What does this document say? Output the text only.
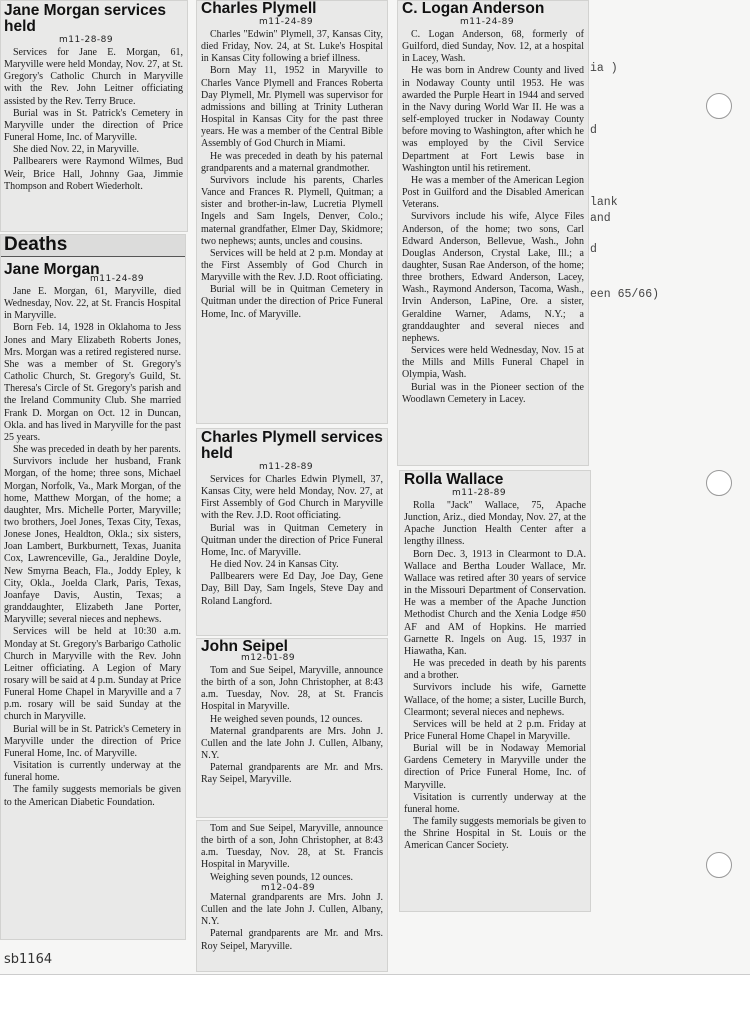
ia )
d
lank
and
d
een 65/66)
Jane Morgan services held
m11-28-89

Services for Jane E. Morgan, 61, Maryville were held Monday, Nov. 27, at St. Gregory's Catholic Church in Maryville with the Rev. John Leitner officiating assisted by the Rev. Terry Bruce.

Burial was in St. Patrick's Cemetery in Maryville under the direction of Price Funeral Home, Inc. of Maryville.

She died Nov. 22, in Maryville.

Pallbearers were Raymond Wilmes, Bud Weir, Brice Hall, Johnny Gaa, Jimmie Thompson and Robert Wiederholt.

Deaths
Jane Morgan
m11-24-89

Jane E. Morgan, 61, Maryville, died Wednesday, Nov. 22, at St. Francis Hospital in Maryville.

Born Feb. 14, 1928 in Oklahoma to Jess Jones and Mary Elizabeth Roberts Jones, Mrs. Morgan was a retired registered nurse. She was a member of St. Gregory's Catholic Church, St. Gregory's Guild, St. Theresa's Circle of St. Gregory's parish and the Ireland Community Club. She married Frank D. Morgan on Oct. 12 in Duncan, Okla. and has lived in Maryville for the past 25 years.

She was preceded in death by her parents.

Survivors include her husband, Frank Morgan, of the home; three sons, Michael Morgan, Norfolk, Va., Mark Morgan, of the home, Matthew Morgan, of the home; a daughter, Mrs. Michelle Porter, Maryville; two brothers, Joel Jones, Texas City, Texas, Jonese Jones, Healdton, Okla.; six sisters, Joan Lambert, Burkburnett, Texas, Juanita Cox, Lawrenceville, Ga., Jeraldine Doyle, New Smyrna Beach, Fla., Joddy Epley, k City, Okla., Joelda Clark, Paris, Texas, Joanfaye Davis, Austin, Texas; a granddaughter, Elizabeth Jane Porter, Maryville; several nieces and nephews.

Services will be held at 10:30 a.m. Monday at St. Gregory's Barbarigo Catholic Church in Maryville with the Rev. John Leitner officiating. A Legion of Mary rosary will be said at 4 p.m. Sunday at Price Funeral Home Chapel in Maryville and a 7 p.m. rosary will be said Sunday at the church in Maryville.

Burial will be in St. Patrick's Cemetery in Maryville under the direction of Price Funeral Home, Inc. of Maryville.

Visitation is currently underway at the funeral home.

The family suggests memorials be given to the American Diabetic Foundation.

Charles Plymell
m11-24-89

Charles "Edwin" Plymell, 37, Kansas City, died Friday, Nov. 24, at St. Luke's Hospital in Kansas City following a brief illness.

Born May 11, 1952 in Maryville to Charles Vance Plymell and Frances Roberta Day Plymell, Mr. Plymell was supervisor for admissions and billing at Trinity Lutheran Hospital in Kansas City for the past three years. He was a member of the Central Bible Assembly of God Church in Miami.

He was preceded in death by his paternal grandparents and a maternal grandmother.

Survivors include his parents, Charles Vance and Frances R. Plymell, Quitman; a sister and brother-in-law, Lucretia Plymell Ingels and Sam Ingels, Denver, Colo.; maternal grandfather, Elmer Day, Skidmore; two nephews; aunts, uncles and cousins.

Services will be held at 2 p.m. Monday at the First Assembly of God Church in Maryville with the Rev. J.D. Root officiating.

Burial will be in Quitman Cemetery in Quitman under the direction of Price Funeral Home, Inc. of Maryville.

Charles Plymell services held
m11-28-89

Services for Charles Edwin Plymell, 37, Kansas City, were held Monday, Nov. 27, at First Assembly of God Church in Maryville with the Rev. J.D. Root officiating.

Burial was in Quitman Cemetery in Quitman under the direction of Price Funeral Home, Inc. of Maryville.

He died Nov. 24 in Kansas City.

Pallbearers were Ed Day, Joe Day, Gene Day, Bill Day, Sam Ingels, Steve Day and Roland Langford.

John Seipel
m12-01-89

Tom and Sue Seipel, Maryville, announce the birth of a son, John Christopher, at 8:43 a.m. Tuesday, Nov. 28, at St. Francis Hospital in Maryville.

He weighed seven pounds, 12 ounces.

Maternal grandparents are Mrs. John J. Cullen and the late John J. Cullen, Albany, N.Y.

Paternal grandparents are Mr. and Mrs. Ray Seipel, Maryville.

Tom and Sue Seipel, Maryville, announce the birth of a son, John Christopher, at 8:43 a.m. Tuesday, Nov. 28, at St. Francis Hospital in Maryville.

Weighing seven pounds, 12 ounces.

m12-04-89

Maternal grandparents are Mrs. John J. Cullen and the late John J. Cullen, Albany, N.Y.

Paternal grandparents are Mr. and Mrs. Roy Seipel, Maryville.

C. Logan Anderson
m11-24-89

C. Logan Anderson, 68, formerly of Guilford, died Sunday, Nov. 12, at a hospital in Lacey, Wash.

He was born in Andrew County and lived in Nodaway County until 1953. He was awarded the Purple Heart in 1944 and served in the Navy during World War II. He was a self-employed trucker in Nodaway County before moving to Washington, after which he was employed by the Civil Service Department at Fort Lewis base in Washington until his retirement.

He was a member of the American Legion Post in Guilford and the Disabled American Veterans.

Survivors include his wife, Alyce Files Anderson, of the home; two sons, Carl Edward Anderson, Bellevue, Wash., John Douglas Anderson, Crystal Lake, Ill.; a daughter, Susan Rae Anderson, of the home; three brothers, Edward Anderson, Lacey, Wash., Raymond Anderson, Tacoma, Wash., Irvin Anderson, LaPine, Ore. a sister, Geraldine Warner, Adams, N.Y.; a granddaughter and several nieces and nephews.

Services were held Wednesday, Nov. 15 at the Mills and Mills Funeral Chapel in Olympia, Wash.

Burial was in the Pioneer section of the Woodlawn Cemetery in Lacey.

Rolla Wallace
m11-28-89

Rolla "Jack" Wallace, 75, Apache Junction, Ariz., died Monday, Nov. 27, at the Apache Junction Health Center after a lengthy illness.

Born Dec. 3, 1913 in Clearmont to D.A. Wallace and Bertha Louder Wallace, Mr. Wallace was retired after 30 years of service in the Missouri Department of Conservation. He was a member of the Apache Junction Methodist Church and the Xenia Lodge #50 AF and AM of Hopkins. He married Garnette R. Ingels on Aug. 15, 1937 in Hiawatha, Kan.

He was preceded in death by his parents and a brother.

Survivors include his wife, Garnette Wallace, of the home; a sister, Lucille Burch, Clearmont; several nieces and nephews.

Services will be held at 2 p.m. Friday at Price Funeral Home Chapel in Maryville.

Burial will be in Nodaway Memorial Gardens Cemetery in Maryville under the direction of Price Funeral Home, Inc. of Maryville.

Visitation is currently underway at the funeral home.

The family suggests memorials be given to the Shrine Hospital in St. Louis or the American Cancer Society.

sb1164
